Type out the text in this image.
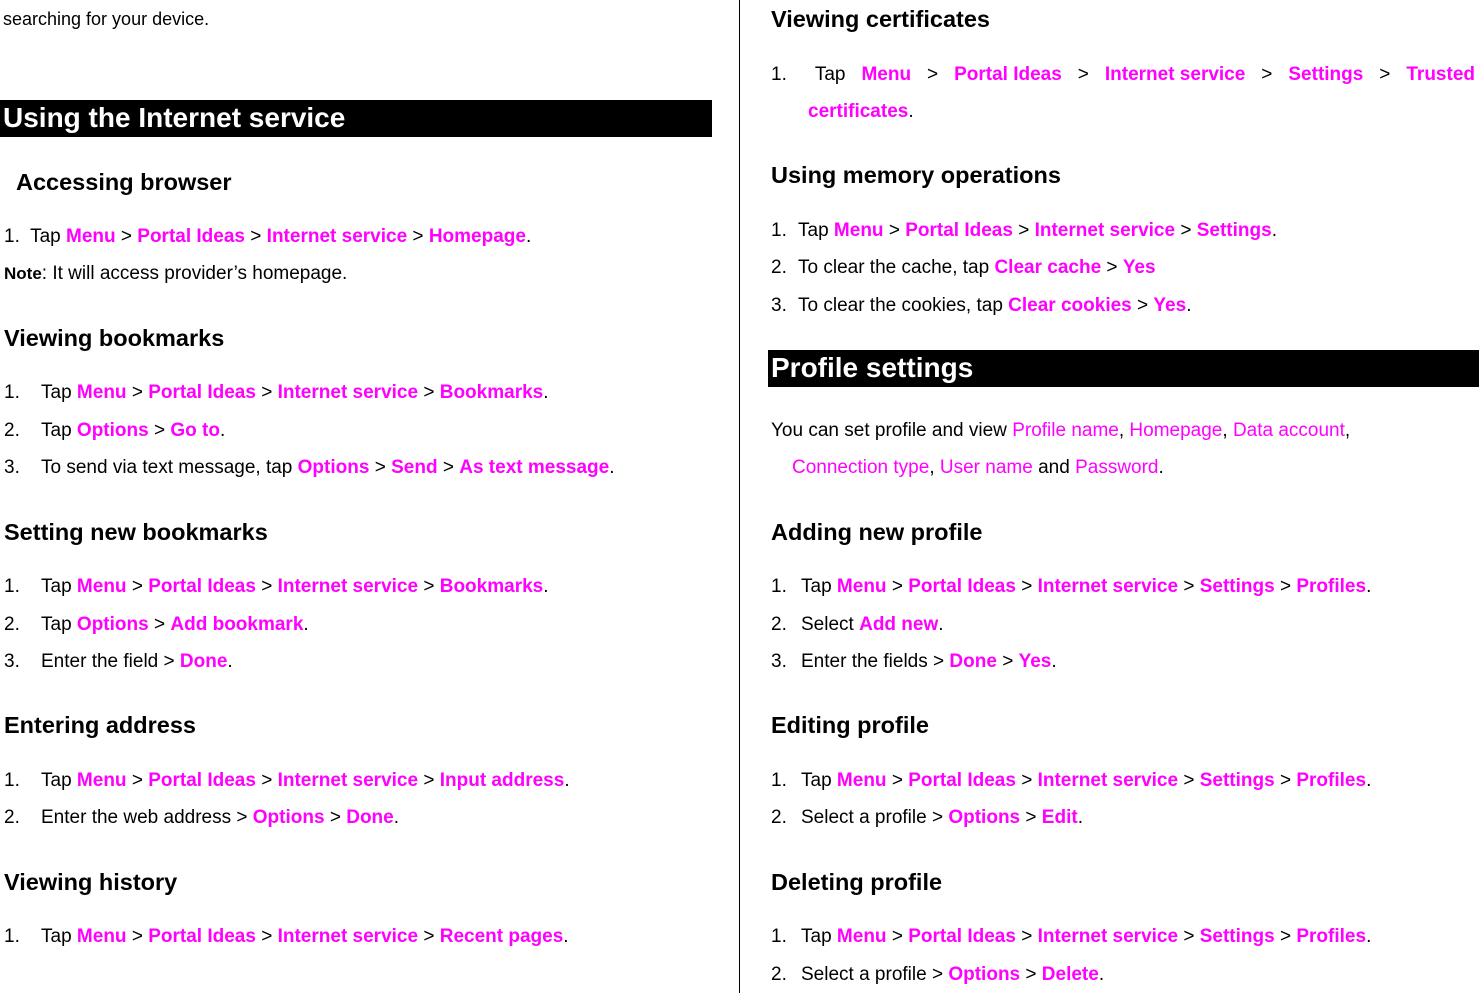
searching for your device.
Using the Internet service
Accessing browser
1. Tap Menu > Portal Ideas > Internet service > Homepage.
Note: It will access provider’s homepage.
Viewing bookmarks
1. Tap Menu > Portal Ideas > Internet service > Bookmarks.
2. Tap Options > Go to.
3. To send via text message, tap Options > Send > As text message.
Setting new bookmarks
1. Tap Menu > Portal Ideas > Internet service > Bookmarks.
2. Tap Options > Add bookmark.
3. Enter the field > Done.
Entering address
1. Tap Menu > Portal Ideas > Internet service > Input address.
2. Enter the web address > Options > Done.
Viewing history
1. Tap Menu > Portal Ideas > Internet service > Recent pages.
Viewing certificates
1. Tap Menu > Portal Ideas > Internet service > Settings > Trusted
certificates.
Using memory operations
1. Tap Menu > Portal Ideas > Internet service > Settings.
2. To clear the cache, tap Clear cache > Yes
3. To clear the cookies, tap Clear cookies > Yes.
Profile settings
You can set profile and view Profile name, Homepage, Data account,
Connection type, User name and Password.
Adding new profile
1. Tap Menu > Portal Ideas > Internet service > Settings > Profiles.
2. Select Add new.
3. Enter the fields > Done > Yes.
Editing profile
1. Tap Menu > Portal Ideas > Internet service > Settings > Profiles.
2. Select a profile > Options > Edit.
Deleting profile
1. Tap Menu > Portal Ideas > Internet service > Settings > Profiles.
2. Select a profile > Options > Delete.
